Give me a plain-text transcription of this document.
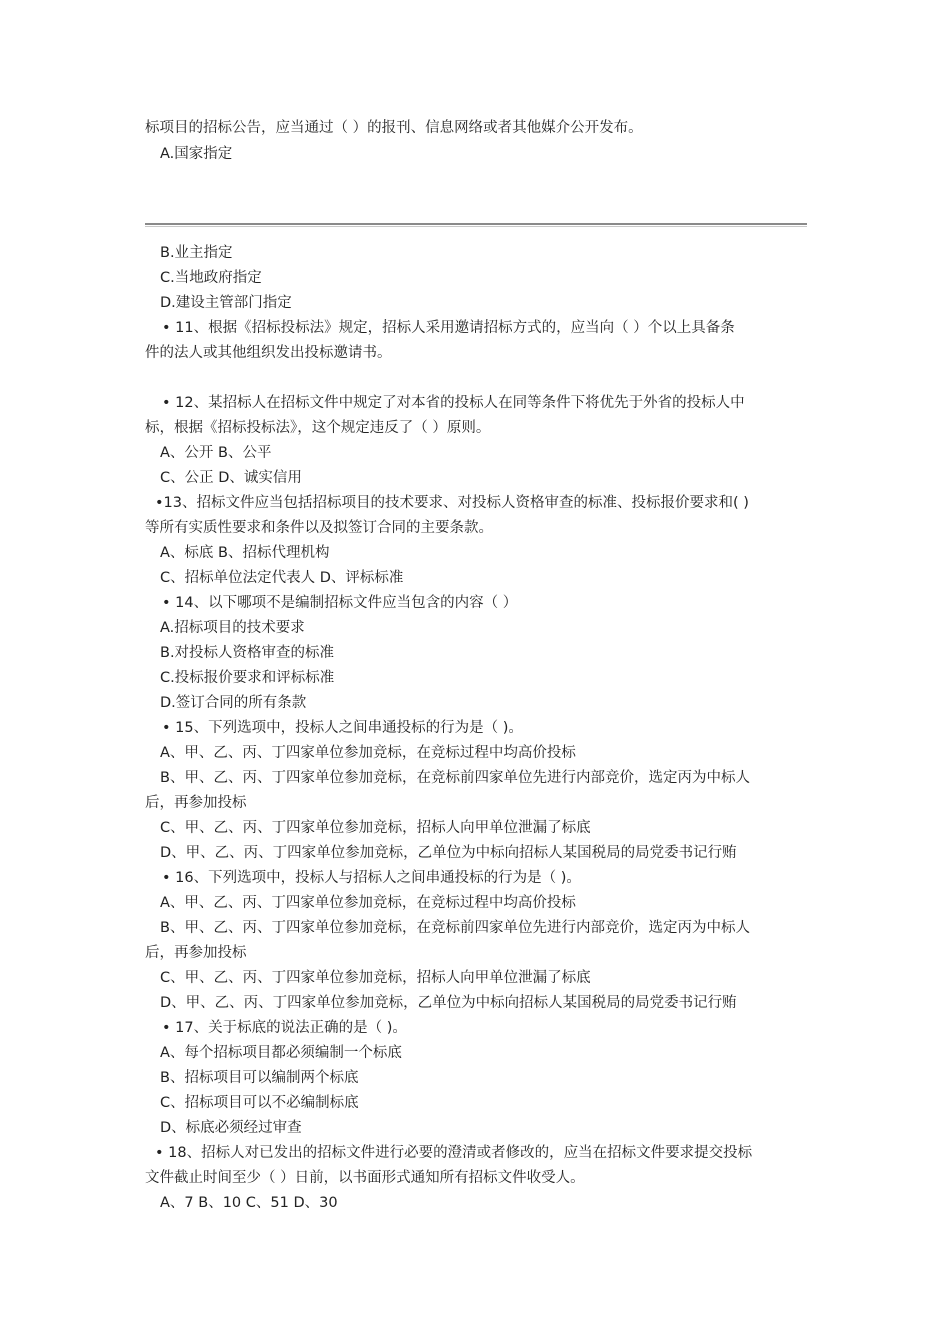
标项目的招标公告，应当通过（ ）的报刊、信息网络或者其他媒介公开发布。
A.国家指定
B.业主指定
C.当地政府指定
D.建设主管部门指定
• 11、根据《招标投标法》规定，招标人采用邀请招标方式的，应当向（ ）个以上具备条
件的法人或其他组织发出投标邀请书。
• 12、某招标人在招标文件中规定了对本省的投标人在同等条件下将优先于外省的投标人中
标，根据《招标投标法》，这个规定违反了（ ）原则。
A、公开 B、公平
C、公正 D、诚实信用
•13、招标文件应当包括招标项目的技术要求、对投标人资格审查的标准、投标报价要求和( )
等所有实质性要求和条件以及拟签订合同的主要条款。
A、标底 B、招标代理机构
C、招标单位法定代表人 D、评标标准
• 14、以下哪项不是编制招标文件应当包含的内容（ ）
A.招标项目的技术要求
B.对投标人资格审查的标准
C.投标报价要求和评标标准
D.签订合同的所有条款
• 15、下列选项中，投标人之间串通投标的行为是（ )。
A、甲、乙、丙、丁四家单位参加竞标，在竞标过程中均高价投标
B、甲、乙、丙、丁四家单位参加竞标，在竞标前四家单位先进行内部竞价，选定丙为中标人
后，再参加投标
C、甲、乙、丙、丁四家单位参加竞标，招标人向甲单位泄漏了标底
D、甲、乙、丙、丁四家单位参加竞标，乙单位为中标向招标人某国税局的局党委书记行贿
• 16、下列选项中，投标人与招标人之间串通投标的行为是（ )。
A、甲、乙、丙、丁四家单位参加竞标，在竞标过程中均高价投标
B、甲、乙、丙、丁四家单位参加竞标，在竞标前四家单位先进行内部竞价，选定丙为中标人
后，再参加投标
C、甲、乙、丙、丁四家单位参加竞标，招标人向甲单位泄漏了标底
D、甲、乙、丙、丁四家单位参加竞标，乙单位为中标向招标人某国税局的局党委书记行贿
• 17、关于标底的说法正确的是（ )。
A、每个招标项目都必须编制一个标底
B、招标项目可以编制两个标底
C、招标项目可以不必编制标底
D、标底必须经过审查
• 18、招标人对已发出的招标文件进行必要的澄清或者修改的，应当在招标文件要求提交投标
文件截止时间至少（ ）日前，以书面形式通知所有招标文件收受人。
A、7 B、10 C、51 D、30
